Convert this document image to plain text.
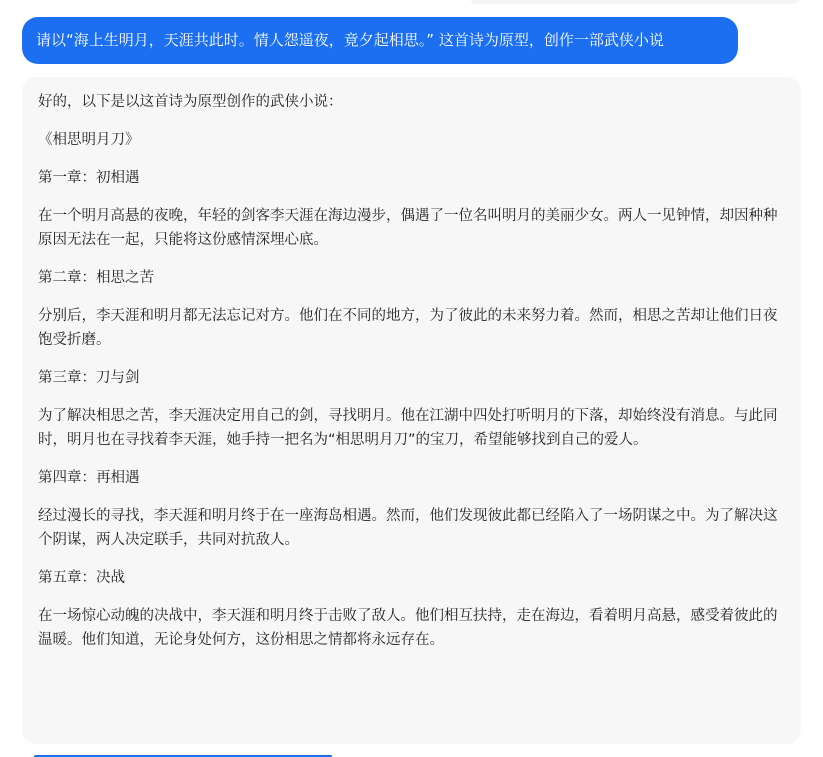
请以“海上生明月，天涯共此时。情人怨遥夜，竟夕起相思。” 这首诗为原型，创作一部武侠小说

好的，以下是以这首诗为原型创作的武侠小说：

《相思明月刀》

第一章：初相遇

在一个明月高悬的夜晚，年轻的剑客李天涯在海边漫步，偶遇了一位名叫明月的美丽少女。两人一见钟情，却因种种原因无法在一起，只能将这份感情深埋心底。

第二章：相思之苦

分别后，李天涯和明月都无法忘记对方。他们在不同的地方，为了彼此的未来努力着。然而，相思之苦却让他们日夜饱受折磨。

第三章：刀与剑

为了解决相思之苦，李天涯决定用自己的剑，寻找明月。他在江湖中四处打听明月的下落，却始终没有消息。与此同时，明月也在寻找着李天涯，她手持一把名为“相思明月刀”的宝刀，希望能够找到自己的爱人。

第四章：再相遇

经过漫长的寻找，李天涯和明月终于在一座海岛相遇。然而，他们发现彼此都已经陷入了一场阴谋之中。为了解决这个阴谋，两人决定联手，共同对抗敌人。

第五章：决战

在一场惊心动魄的决战中，李天涯和明月终于击败了敌人。他们相互扶持，走在海边，看着明月高悬，感受着彼此的温暖。他们知道，无论身处何方，这份相思之情都将永远存在。
